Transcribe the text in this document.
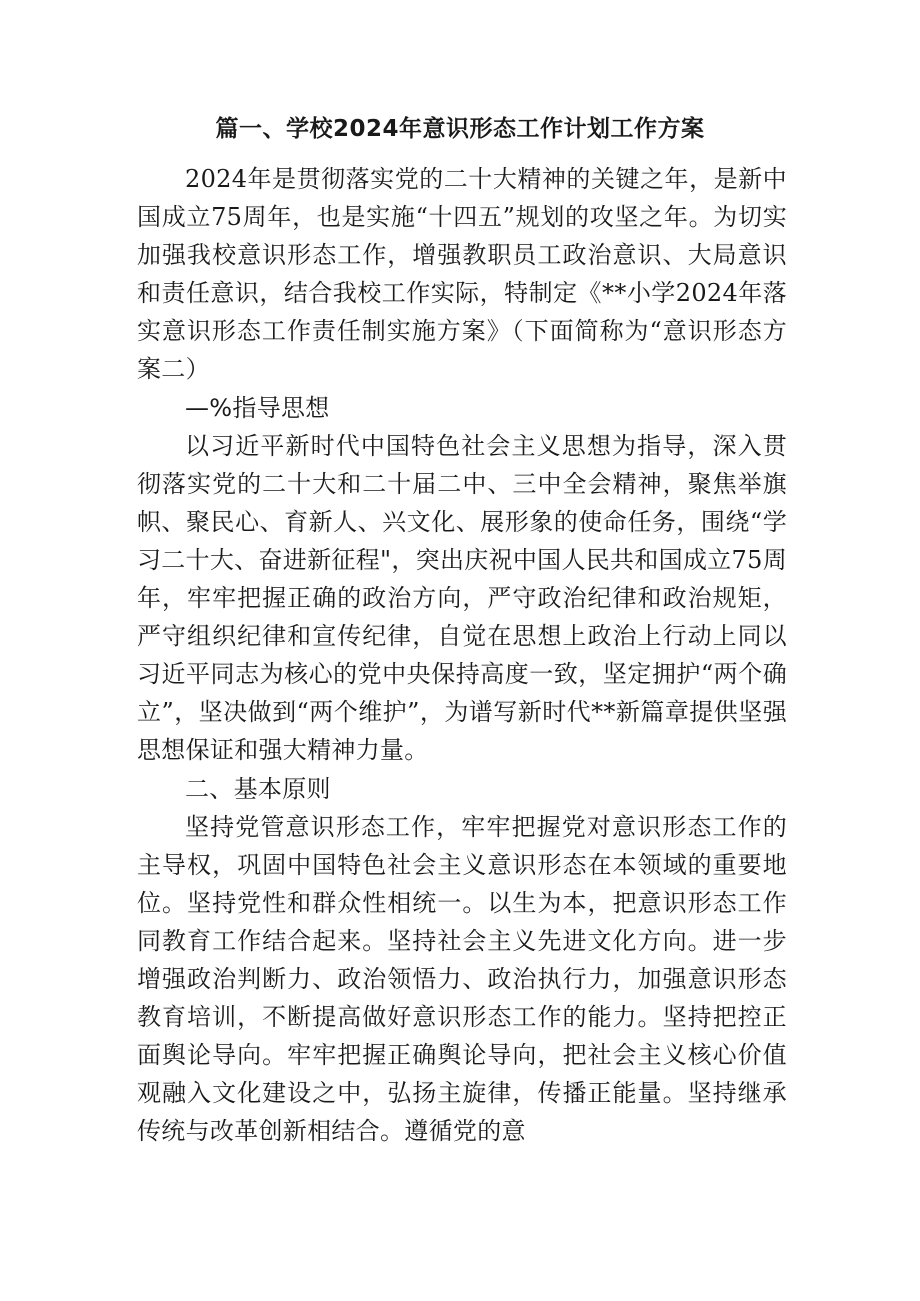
篇一、学校2024年意识形态工作计划工作方案

2024年是贯彻落实党的二十大精神的关键之年，是新中国成立75周年，也是实施“十四五”规划的攻坚之年。为切实加强我校意识形态工作，增强教职员工政治意识、大局意识和责任意识，结合我校工作实际，特制定《**小学2024年落实意识形态工作责任制实施方案》（下面简称为“意识形态方案二）

—%指导思想

以习近平新时代中国特色社会主义思想为指导，深入贯彻落实党的二十大和二十届二中、三中全会精神，聚焦举旗帜、聚民心、育新人、兴文化、展形象的使命任务，围绕“学习二十大、奋进新征程"，突出庆祝中国人民共和国成立75周年，牢牢把握正确的政治方向，严守政治纪律和政治规矩，严守组织纪律和宣传纪律，自觉在思想上政治上行动上同以习近平同志为核心的党中央保持高度一致，坚定拥护“两个确立”，坚决做到“两个维护”，为谱写新时代**新篇章提供坚强思想保证和强大精神力量。

二、基本原则

坚持党管意识形态工作，牢牢把握党对意识形态工作的主导权，巩固中国特色社会主义意识形态在本领域的重要地位。坚持党性和群众性相统一。以生为本，把意识形态工作同教育工作结合起来。坚持社会主义先进文化方向。进一步增强政治判断力、政治领悟力、政治执行力，加强意识形态教育培训，不断提高做好意识形态工作的能力。坚持把控正面舆论导向。牢牢把握正确舆论导向，把社会主义核心价值观融入文化建设之中，弘扬主旋律，传播正能量。坚持继承传统与改革创新相结合。遵循党的意
